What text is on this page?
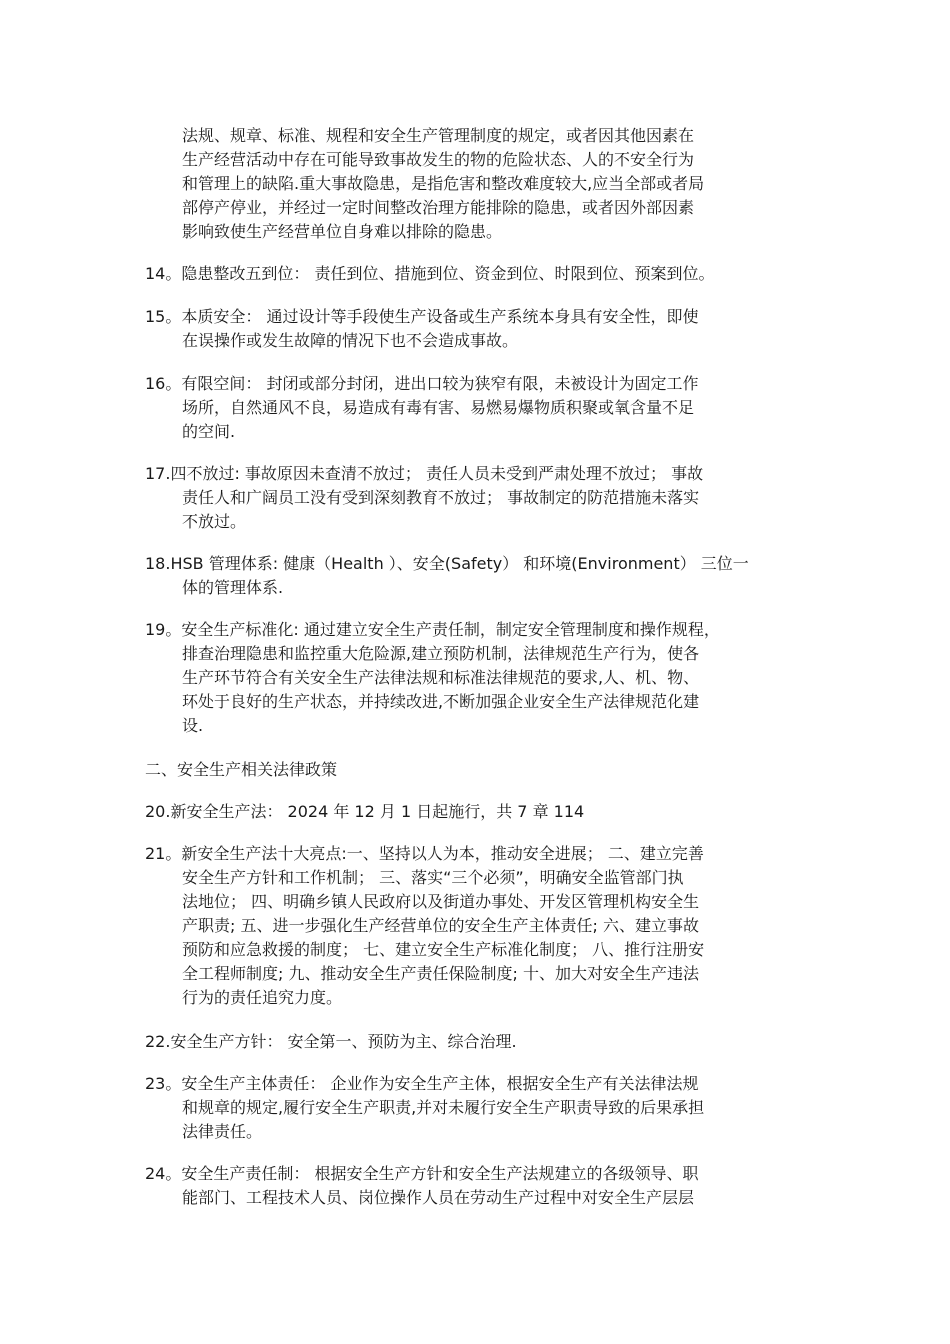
法规、规章、标准、规程和安全生产管理制度的规定，或者因其他因素在
生产经营活动中存在可能导致事故发生的物的危险状态、人的不安全行为
和管理上的缺陷.重大事故隐患，是指危害和整改难度较大,应当全部或者局
部停产停业，并经过一定时间整改治理方能排除的隐患，或者因外部因素
影响致使生产经营单位自身难以排除的隐患。
14。隐患整改五到位： 责任到位、措施到位、资金到位、时限到位、预案到位。
15。本质安全： 通过设计等手段使生产设备或生产系统本身具有安全性，即使
在误操作或发生故障的情况下也不会造成事故。
16。有限空间： 封闭或部分封闭，进出口较为狭窄有限，未被设计为固定工作
场所，自然通风不良，易造成有毒有害、易燃易爆物质积聚或氧含量不足
的空间.
17.四不放过: 事故原因未查清不放过； 责任人员未受到严肃处理不放过； 事故
责任人和广阔员工没有受到深刻教育不放过； 事故制定的防范措施未落实
不放过。
18.HSB 管理体系: 健康（Health ）、安全(Safety） 和环境(Environment） 三位一
体的管理体系.
19。安全生产标准化: 通过建立安全生产责任制，制定安全管理制度和操作规程，
排查治理隐患和监控重大危险源,建立预防机制，法律规范生产行为，使各
生产环节符合有关安全生产法律法规和标准法律规范的要求,人、机、物、
环处于良好的生产状态，并持续改进,不断加强企业安全生产法律规范化建
设.
二、安全生产相关法律政策
20.新安全生产法： 2024 年 12 月 1 日起施行，共 7 章 114
21。新安全生产法十大亮点:一、坚持以人为本，推动安全进展； 二、建立完善
安全生产方针和工作机制； 三、落实“三个必须”，明确安全监管部门执
法地位； 四、明确乡镇人民政府以及街道办事处、开发区管理机构安全生
产职责; 五、进一步强化生产经营单位的安全生产主体责任; 六、建立事故
预防和应急救援的制度； 七、建立安全生产标准化制度； 八、推行注册安
全工程师制度; 九、推动安全生产责任保险制度; 十、加大对安全生产违法
行为的责任追究力度。
22.安全生产方针： 安全第一、预防为主、综合治理.
23。安全生产主体责任： 企业作为安全生产主体，根据安全生产有关法律法规
和规章的规定,履行安全生产职责,并对未履行安全生产职责导致的后果承担
法律责任。
24。安全生产责任制： 根据安全生产方针和安全生产法规建立的各级领导、职
能部门、工程技术人员、岗位操作人员在劳动生产过程中对安全生产层层
